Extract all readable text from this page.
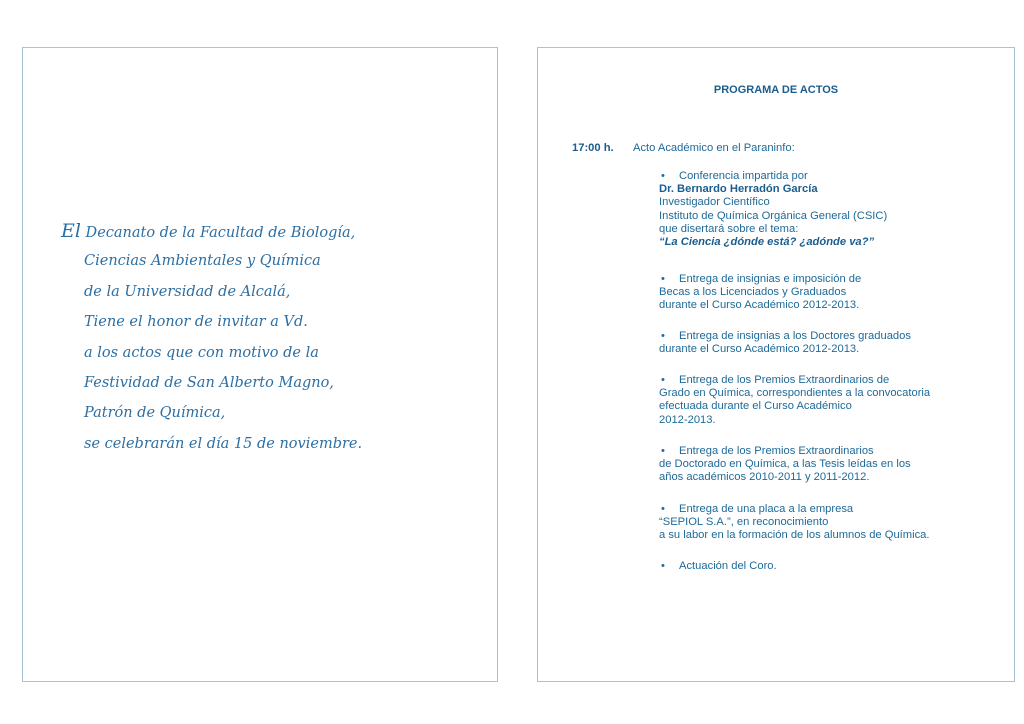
El Decanato de la Facultad de Biología,
Ciencias Ambientales y Química
de la Universidad de Alcalá,
Tiene el honor de invitar a Vd.
a los actos que con motivo de la
Festividad de San Alberto Magno,
Patrón de Química,
se celebrarán el día 15 de noviembre.
PROGRAMA DE ACTOS
17:00 h. Acto Académico en el Paraninfo:
• Conferencia impartida por
Dr. Bernardo Herradón García
Investigador Científico
Instituto de Química Orgánica General (CSIC)
que disertará sobre el tema:
“La Ciencia ¿dónde está? ¿adónde va?”
• Entrega de insignias e imposición de
Becas a los Licenciados y Graduados
durante el Curso Académico 2012-2013.
• Entrega de insignias a los Doctores graduados
durante el Curso Académico 2012-2013.
• Entrega de los Premios Extraordinarios de
Grado en Química, correspondientes a la convocatoria
efectuada durante el Curso Académico
2012-2013.
• Entrega de los Premios Extraordinarios
de Doctorado en Química, a las Tesis leídas en los
años académicos 2010-2011 y 2011-2012.
• Entrega de una placa a la empresa
“SEPIOL S.A.”, en reconocimiento
a su labor en la formación de los alumnos de Química.
• Actuación del Coro.
